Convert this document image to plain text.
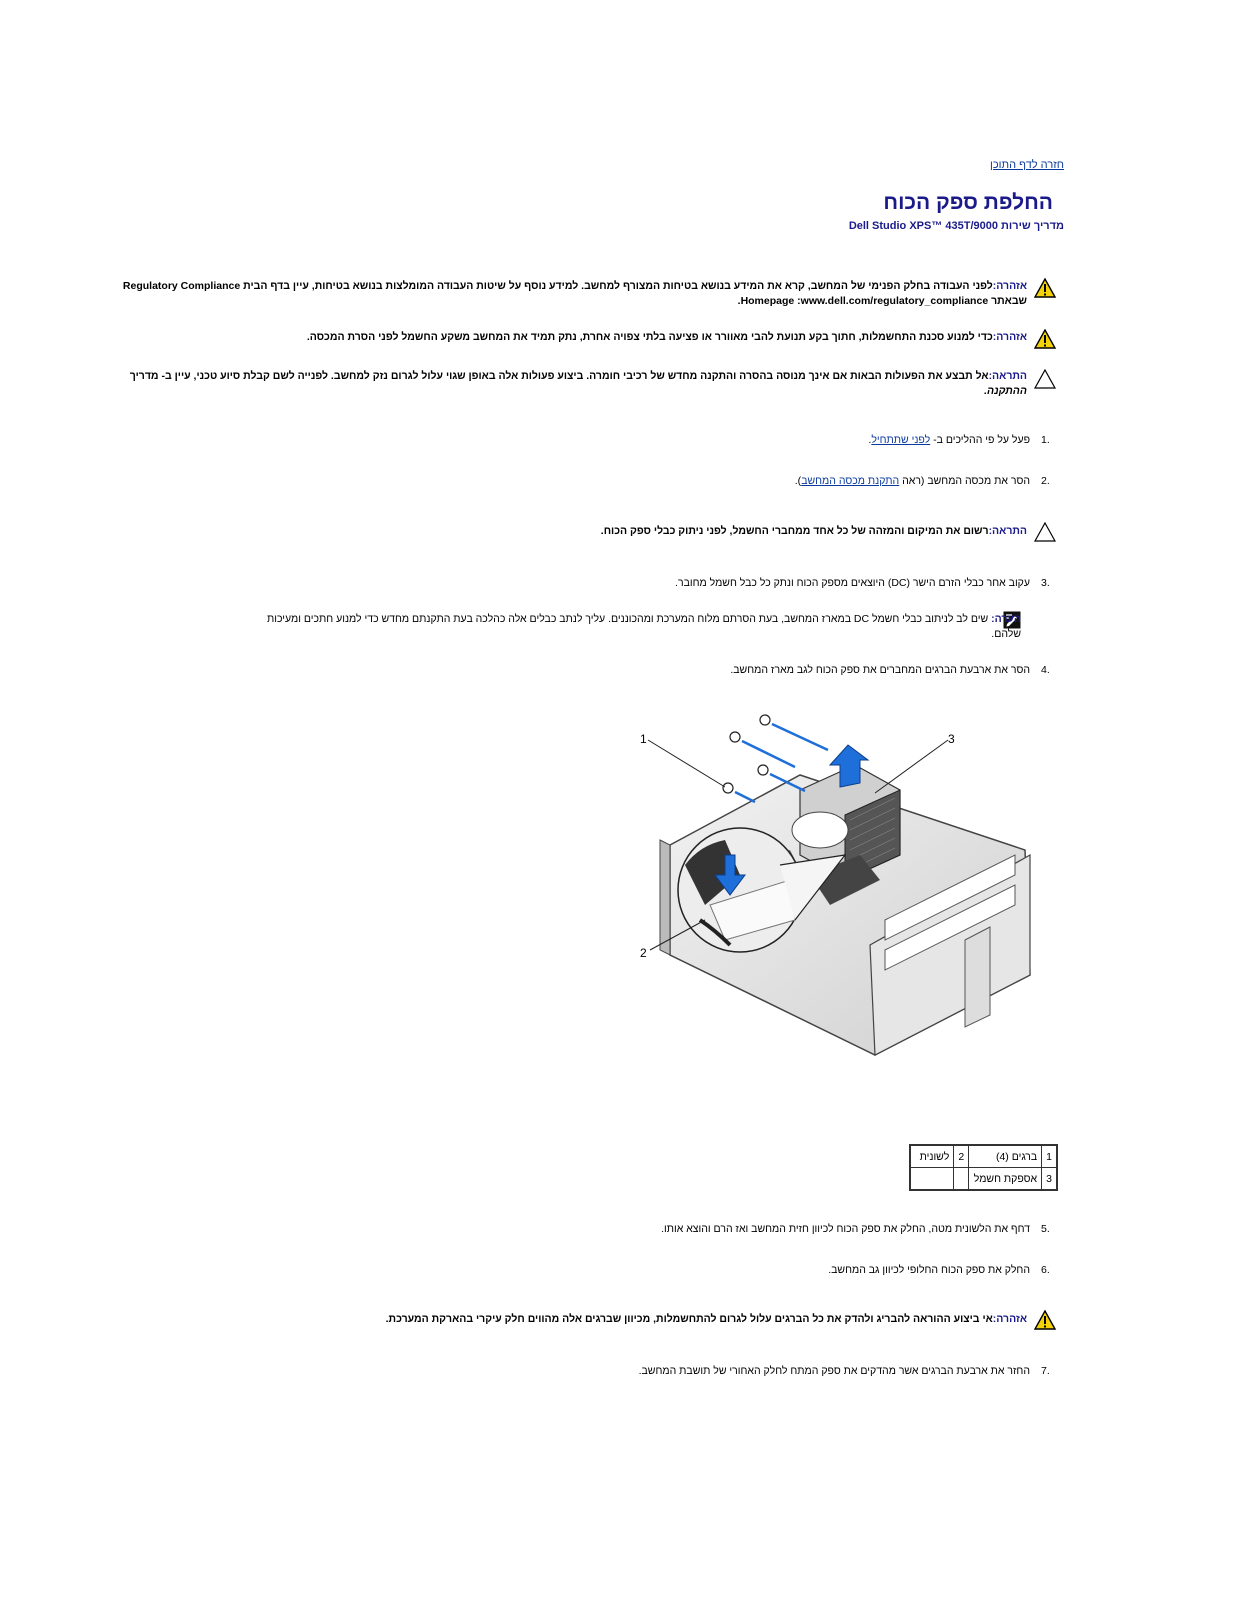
חזרה לדף התוכן
החלפת ספק הכוח
מדריך שירות Dell Studio XPS™ 435T/9000
אזהרה:לפני העבודה בחלק הפנימי של המחשב, קרא את המידע בנושא בטיחות המצורף למחשב. למידע נוסף על שיטות העבודה המומלצות בנושא בטיחות, עיין בדף הבית Regulatory Compliance
שבאתר Homepage :www.dell.com/regulatory_compliance.
אזהרה:כדי למנוע סכנת התחשמלות, חתוך בקע תנועת להבי מאוורר או פציעה בלתי צפויה אחרת, נתק תמיד את המחשב משקע החשמל לפני הסרת המכסה.
התראה:אל תבצע את הפעולות הבאות אם אינך מנוסה בהסרה והתקנה מחדש של רכיבי חומרה. ביצוע פעולות אלה באופן שגוי עלול לגרום נזק למחשב. לפנייה לשם קבלת סיוע טכני, עיין ב- מדריך
ההתקנה.
1.
פעל על פי ההליכים ב- לפני שתתחיל.
2.
הסר את מכסה המחשב (ראה התקנת מכסה המחשב).
התראה:רשום את המיקום והמזהה של כל אחד ממחברי החשמל, לפני ניתוק כבלי ספק הכוח.
3.
עקוב אחר כבלי הזרם הישר (DC) היוצאים מספק הכוח ונתק כל כבל חשמל מחובר.
הערה: שים לב לניתוב כבלי חשמל DC במארז המחשב, בעת הסרתם מלוח המערכת ומהכוננים. עליך לנתב כבלים אלה כהלכה בעת התקנתם מחדש כדי למנוע חתכים ומעיכות שלהם.
4.
הסר את ארבעת הברגים המחברים את ספק הכוח לגב מארז המחשב.
1	3
2
1	ברגים (4)	2	לשונית
3	אספקת חשמל		
5.
דחף את הלשונית מטה, החלק את ספק הכוח לכיוון חזית המחשב ואז הרם והוצא אותו.
6.
החלק את ספק הכוח החלופי לכיוון גב המחשב.
אזהרה:אי ביצוע ההוראה להבריג ולהדק את כל הברגים עלול לגרום להתחשמלות, מכיוון שברגים אלה מהווים חלק עיקרי בהארקת המערכת.
7.
החזר את ארבעת הברגים אשר מהדקים את ספק המתח לחלק האחורי של תושבת המחשב.
